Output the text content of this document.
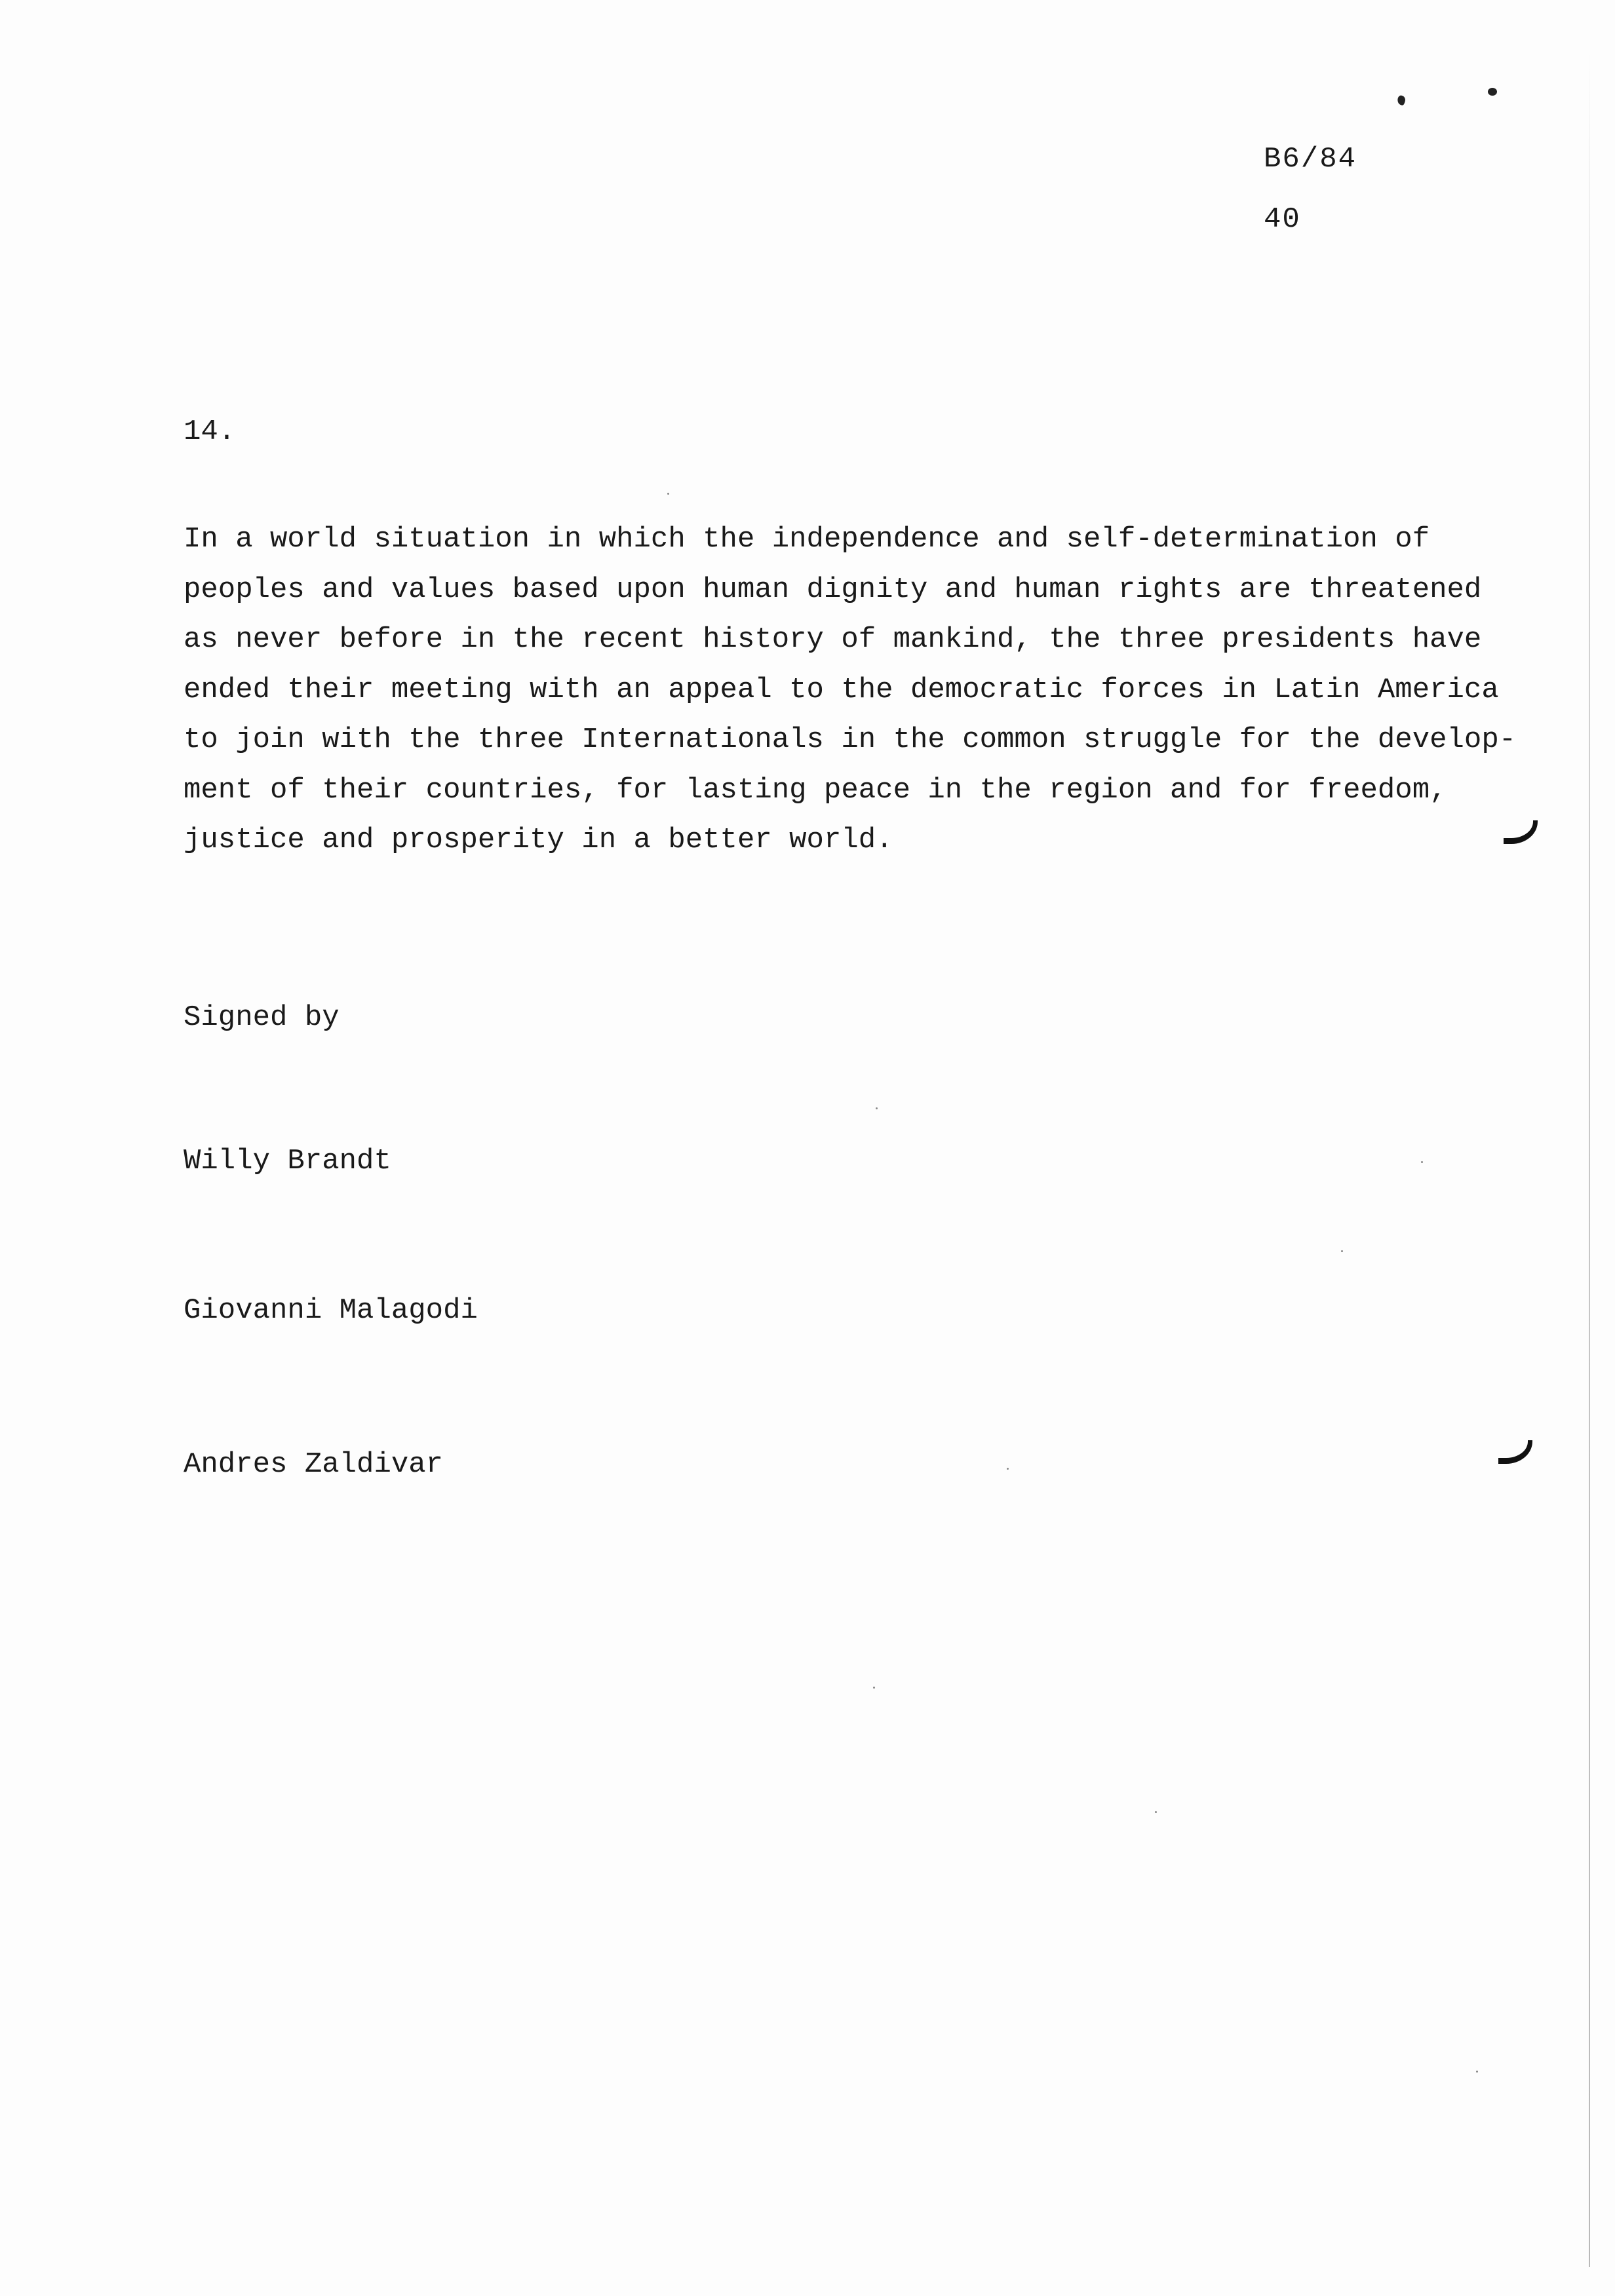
B6/84
40
14.

In a world situation in which the independence and self-determination of
peoples and values based upon human dignity and human rights are threatened
as never before in the recent history of mankind, the three presidents have
ended their meeting with an appeal to the democratic forces in Latin America
to join with the three Internationals in the common struggle for the develop-
ment of their countries, for lasting peace in the region and for freedom,
justice and prosperity in a better world.

Signed by
Willy Brandt
Giovanni Malagodi
Andres Zaldivar
